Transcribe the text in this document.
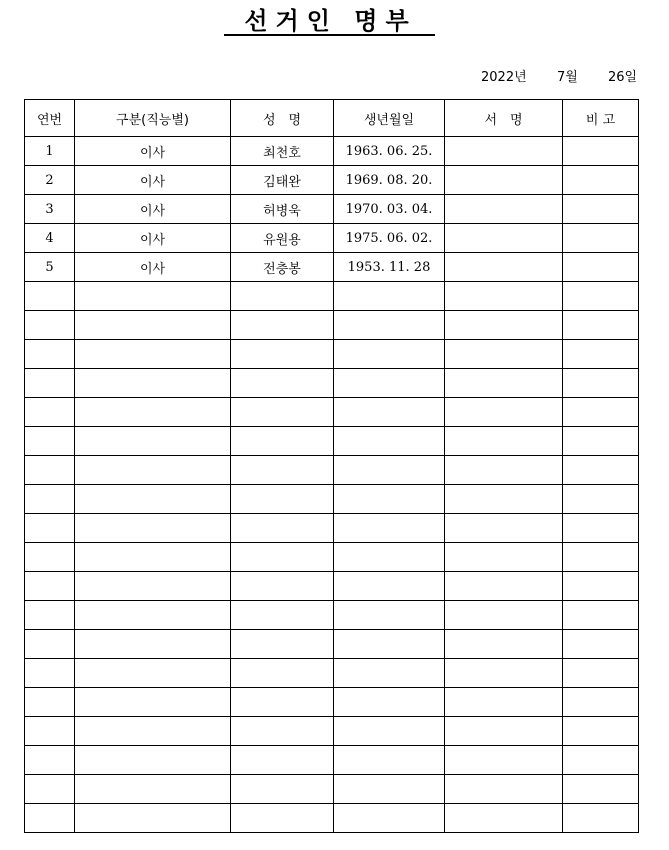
선거인 명부
2022년 7월 26일
연번	구분(직능별)	성　명	생년월일	서　명	비 고
1	이사	최천호	1963. 06. 25.		
2	이사	김태완	1969. 08. 20.		
3	이사	허병욱	1970. 03. 04.		
4	이사	유원용	1975. 06. 02.		
5	이사	전충봉	1953. 11. 28		
